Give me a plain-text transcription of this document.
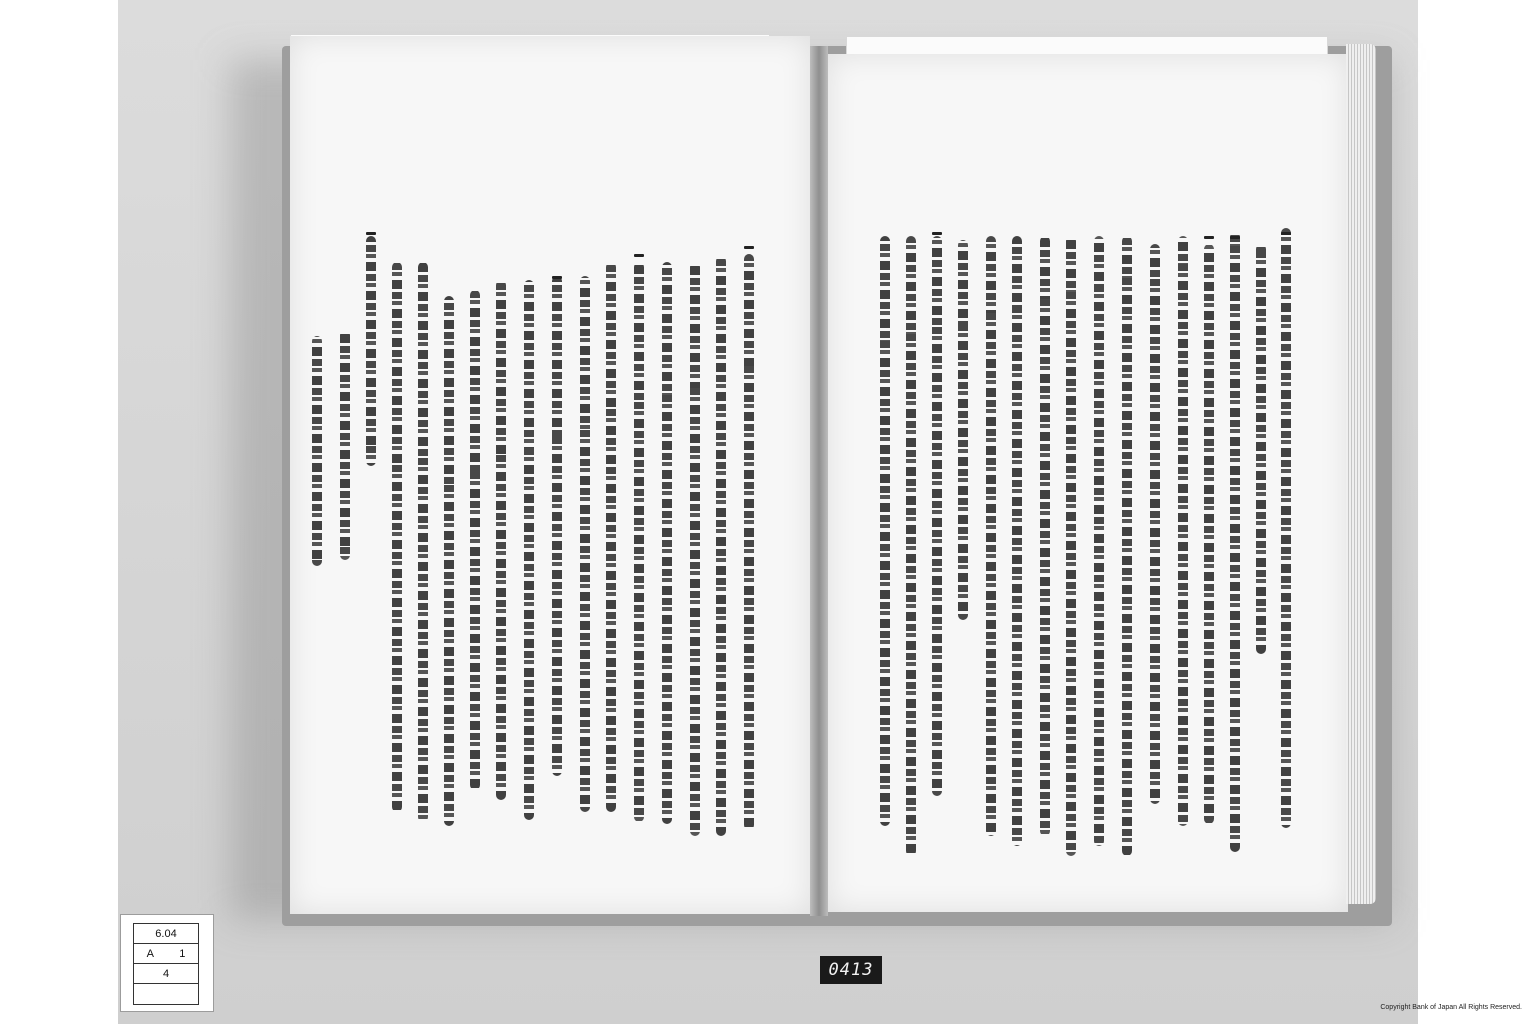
6.04
A 1
4	0413
Copyright Bank of Japan All Rights Reserved.
